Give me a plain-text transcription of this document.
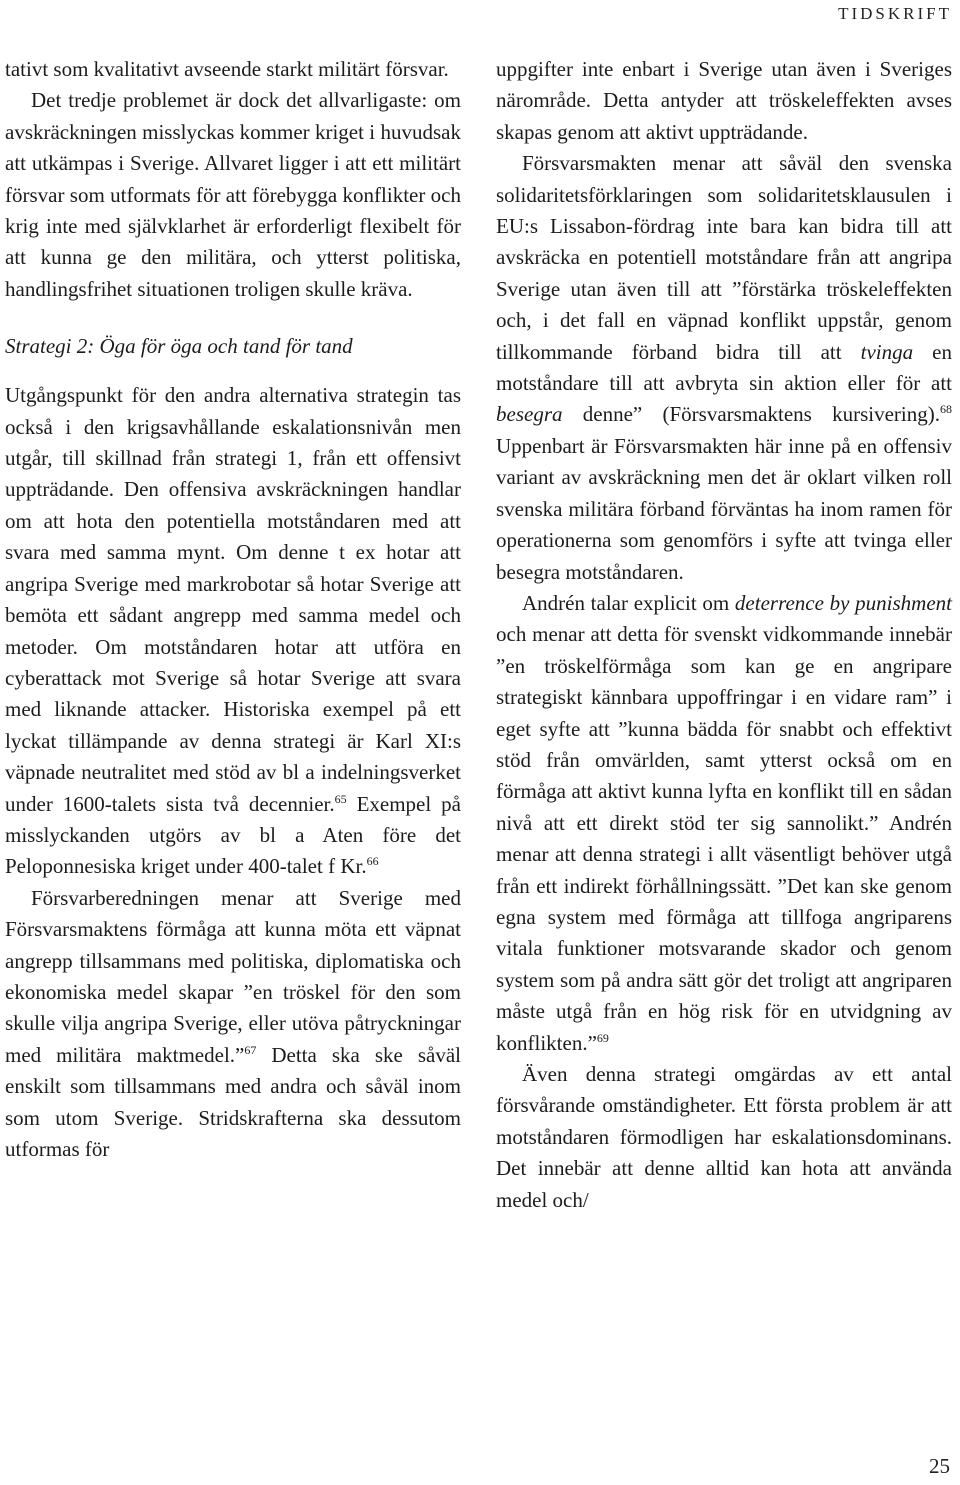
TIDSKRIFT

tativt som kvalitativt avseende starkt militärt försvar.

Det tredje problemet är dock det allvarligaste: om avskräckningen misslyckas kommer kriget i huvudsak att utkämpas i Sverige. Allvaret ligger i att ett militärt försvar som utformats för att förebygga konflikter och krig inte med självklarhet är erforderligt flexibelt för att kunna ge den militära, och ytterst politiska, handlingsfrihet situationen troligen skulle kräva.

Strategi 2: Öga för öga och tand för tand

Utgångspunkt för den andra alternativa strategin tas också i den krigsavhållande eskalationsnivån men utgår, till skillnad från strategi 1, från ett offensivt uppträdande. Den offensiva avskräckningen handlar om att hota den potentiella motståndaren med att svara med samma mynt. Om denne t ex hotar att angripa Sverige med markrobotar så hotar Sverige att bemöta ett sådant angrepp med samma medel och metoder. Om motståndaren hotar att utföra en cyberattack mot Sverige så hotar Sverige att svara med liknande attacker. Historiska exempel på ett lyckat tillämpande av denna strategi är Karl XI:s väpnade neutralitet med stöd av bl a indelningsverket under 1600-talets sista två decennier.$^{65}$ Exempel på misslyckanden utgörs av bl a Aten före det Peloponnesiska kriget under 400-talet f Kr.$^{66}$

Försvarberedningen menar att Sverige med Försvarsmaktens förmåga att kunna möta ett väpnat angrepp tillsammans med politiska, diplomatiska och ekonomiska medel skapar ”en tröskel för den som skulle vilja angripa Sverige, eller utöva påtryckningar med militära maktmedel.”$^{67}$ Detta ska ske såväl enskilt som tillsammans med andra och såväl inom som utom Sverige. Stridskrafterna ska dessutom utformas för

uppgifter inte enbart i Sverige utan även i Sveriges närområde. Detta antyder att tröskeleffekten avses skapas genom att aktivt uppträdande.

Försvarsmakten menar att såväl den svenska solidaritetsförklaringen som solidaritetsklausulen i EU:s Lissabon-fördrag inte bara kan bidra till att avskräcka en potentiell motståndare från att angripa Sverige utan även till att ”förstärka tröskeleffekten och, i det fall en väpnad konflikt uppstår, genom tillkommande förband bidra till att tvinga en motståndare till att avbryta sin aktion eller för att besegra denne” (Försvarsmaktens kursivering).$^{68}$ Uppenbart är Försvarsmakten här inne på en offensiv variant av avskräckning men det är oklart vilken roll svenska militära förband förväntas ha inom ramen för operationerna som genomförs i syfte att tvinga eller besegra motståndaren.

Andrén talar explicit om deterrence by punishment och menar att detta för svenskt vidkommande innebär ”en tröskelförmåga som kan ge en angripare strategiskt kännbara uppoffringar i en vidare ram” i eget syfte att ”kunna bädda för snabbt och effektivt stöd från omvärlden, samt ytterst också om en förmåga att aktivt kunna lyfta en konflikt till en sådan nivå att ett direkt stöd ter sig sannolikt.” Andrén menar att denna strategi i allt väsentligt behöver utgå från ett indirekt förhållningssätt. ”Det kan ske genom egna system med förmåga att tillfoga angriparens vitala funktioner motsvarande skador och genom system som på andra sätt gör det troligt att angriparen måste utgå från en hög risk för en utvidgning av konflikten.”$^{69}$

Även denna strategi omgärdas av ett antal försvårande omständigheter. Ett första problem är att motståndaren förmodligen har eskalationsdominans. Det innebär att denne alltid kan hota att använda medel och/

25
